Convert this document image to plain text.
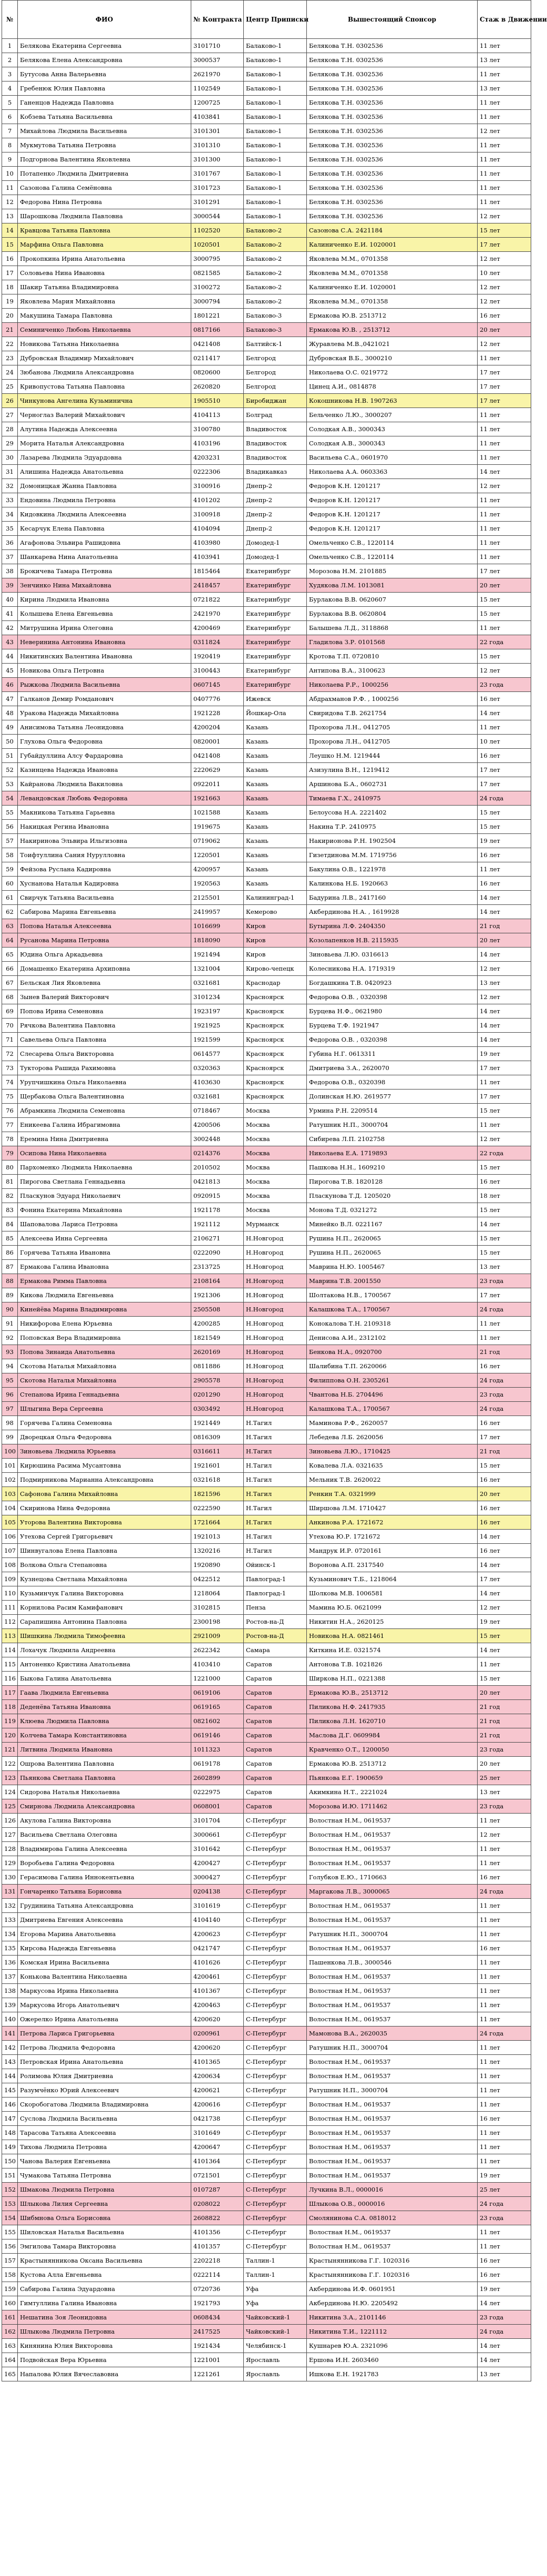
№	ФИО	№ Контракта	Центр Приписки	Вышестоящий Спонсор	Стаж в Движении
1	Белякова Екатерина Сергеевна	3101710	Балаково-1	Белякова Т.Н. 0302536	11 лет
2	Белякова Елена Александровна	3000537	Балаково-1	Белякова Т.Н. 0302536	13 лет
3	Бутусова Анна Валерьевна	2621970	Балаково-1	Белякова Т.Н. 0302536	11 лет
4	Гребенюк Юлия Павловна	1102549	Балаково-1	Белякова Т.Н. 0302536	13 лет
5	Ганенцов Надежда Павловна	1200725	Балаково-1	Белякова Т.Н. 0302536	11 лет
6	Кобзева Татьяна Васильевна	4103841	Балаково-1	Белякова Т.Н. 0302536	11 лет
7	Михайлова Людмила Васильевна	3101301	Балаково-1	Белякова Т.Н. 0302536	12 лет
8	Мукмутова Татьяна Петровна	3101310	Балаково-1	Белякова Т.Н. 0302536	11 лет
9	Подгорнова Валентина Яковлевна	3101300	Балаково-1	Белякова Т.Н. 0302536	11 лет
10	Потапенко Людмила Дмитриевна	3101767	Балаково-1	Белякова Т.Н. 0302536	11 лет
11	Сазонова Галина Семёновна	3101723	Балаково-1	Белякова Т.Н. 0302536	11 лет
12	Федорова Нина Петровна	3101291	Балаково-1	Белякова Т.Н. 0302536	11 лет
13	Шарошкова Людмила Павловна	3000544	Балаково-1	Белякова Т.Н. 0302536	12 лет
14	Кравцова Татьяна Павловна	1102520	Балаково-2	Сазонова С.А. 2421184	15 лет
15	Марфина Ольга Павловна	1020501	Балаково-2	Калиниченко Е.И. 1020001	17 лет
16	Прокопкина Ирина Анатольевна	3000795	Балаково-2	Яковлева М.М., 0701358	12 лет
17	Соловьева Нина Ивановна	0821585	Балаково-2	Яковлева М.М., 0701358	10 лет
18	Шакир Татьяна Владимировна	3100272	Балаково-2	Калиниченко Е.И. 1020001	12 лет
19	Яковлева Мария Михайловна	3000794	Балаково-2	Яковлева М.М., 0701358	12 лет
20	Макушина Тамара Павловна	1801221	Балаково-3	Ермакова Ю.В. 2513712	16 лет
21	Семиниченко Любовь Николаевна	0817166	Балаково-3	Ермакова Ю.В. , 2513712	20 лет
22	Новикова Татьяна Николаевна	0421408	Балтийск-1	Журавлева М.В.,0421021	12 лет
23	Дубровская Владимир Михайлович	0211417	Белгород	Дубровская В.Б., 3000210	11 лет
24	Зюбанова Людмила Александровна	0820600	Белгород	Николаева О.С. 0219772	17 лет
25	Кривопустова Татьяна Павловна	2620820	Белгород	Цинец А.И., 0814878	17 лет
26	Чинкунова Ангелина Кузьминична	1905510	Биробиджан	Кокошникова Н.В. 1907263	17 лет
27	Черноглаз Валерий Михайлович	4104113	Болград	Бельченко Л.Ю., 3000207	11 лет
28	Алутина Надежда Алексеевна	3100780	Владивосток	Солодкая А.В., 3000343	11 лет
29	Морита Наталья Александровна	4103196	Владивосток	Солодкая А.В., 3000343	11 лет
30	Лазарева Людмила Эдуардовна	4203231	Владивосток	Васильева С.А., 0601970	11 лет
31	Алишина Надежда Анатольевна	0222306	Владикавказ	Николаева А.А. 0603363	14 лет
32	Домоницкая Жанна Павловна	3100916	Днепр-2	Федоров К.Н. 1201217	12 лет
33	Ендовина Людмила Петровна	4101202	Днепр-2	Федоров К.Н. 1201217	11 лет
34	Кидовкина Людмила Алексеевна	3100918	Днепр-2	Федоров К.Н. 1201217	11 лет
35	Кесарчук Елена Павловна	4104094	Днепр-2	Федоров К.Н. 1201217	11 лет
36	Агафонова Эльвира Рашидовна	4103980	Домодед-1	Омельченко С.В., 1220114	11 лет
37	Шанкарева Нина Анатольевна	4103941	Домодед-1	Омельченко С.В., 1220114	11 лет
38	Брокичева Тамара Петровна	1815464	Екатеринбург	Морозова Н.М. 2101885	17 лет
39	Зенчинко Нина Михайловна	2418457	Екатеринбург	Худякова Л.М. 1013081	20 лет
40	Кирина Людмила Ивановна	0721822	Екатеринбург	Бурлакова В.В. 0620607	15 лет
41	Колышева Елена Евгеньевна	2421970	Екатеринбург	Бурлакова В.В. 0620804	15 лет
42	Митрушина Ирина Олеговна	4200469	Екатеринбург	Балышева Л.Д., 3118868	11 лет
43	Неверинина Антонина Ивановна	0311824	Екатеринбург	Гладилова З.Р. 0101568	22 года
44	Никитинских Валентина Ивановна	1920419	Екатеринбург	Кротова Т.П. 0720810	15 лет
45	Новикова Ольга Петровна	3100443	Екатеринбург	Антипова В.А., 3100623	12 лет
46	Рыжкова Людмила Васильевна	0607145	Екатеринбург	Николаева Р.Р., 1000256	23 года
47	Галканов Демир Ромданович	0407776	Ижевск	Абдрахманов Р.Ф. , 1000256	16 лет
48	Уракова Надежда Михайловна	1921228	Йошкар-Ола	Свиридова Т.В. 2621754	14 лет
49	Анисимова Татьяна Леонидовна	4200204	Казань	Прохорова Л.Н., 0412705	11 лет
50	Глухова Ольга Федоровна	0820001	Казань	Прохорова Л.Н., 0412705	10 лет
51	Губайдуллина Алсу Фардаровна	0421408	Казань	Леушко Н.М. 1219444	16 лет
52	Казинцева Надежда Ивановна	2220629	Казань	Азизулина В.Н., 1219412	17 лет
53	Кайранова Людмила Вакиловна	0922011	Казань	Аршинова Б.А., 0602731	17 лет
54	Левандовская Любовь Федоровна	1921663	Казань	Тимаева Г.Х., 2410975	24 года
55	Макникова Татьяна Гарьевна	1021588	Казань	Белоусова Н.А. 2221402	15 лет
56	Накицкая Регина Ивановна	1919675	Казань	Накина Т.Р. 2410975	15 лет
57	Накиринова Эльвира Ильгизовна	0719062	Казань	Накирионова Р.Н. 1902504	19 лет
58	Тоифтуллина Сания Нурулловна	1220501	Казань	Гизетдинова М.М. 1719756	16 лет
59	Фейзова Руслана Кадировна	4200957	Казань	Бакулина О.В., 1221978	11 лет
60	Хуснанова Наталья Кадировна	1920563	Казань	Калинкова Н.Б. 1920663	16 лет
61	Свирчук Татьяна Васильевна	2125501	Калининград-1	Бадурина Л.В., 2417160	14 лет
62	Сабирова Марина Евгеньевна	2419957	Кемерово	Акбердинова Н.А. , 1619928	14 лет
63	Попова Наталья Алексеевна	1016699	Киров	Бутырина Л.Ф. 2404350	21 год
64	Русанова Марина Петровна	1818090	Киров	Козолапенков Н.В. 2115935	20 лет
65	Юдина Ольга Аркадьевна	1921494	Киров	Зиновьева Л.Ю. 0316613	14 лет
66	Домашенко Екатерина Архиповна	1321004	Кирово-чепецк	Колесникова Н.А. 1719319	12 лет
67	Бельская Лия Яковлевна	0321681	Краснодар	Богдашкина Т.В. 0420923	13 лет
68	Зынев Валерий Викторович	3101234	Красноярск	Федорова О.В. , 0320398	12 лет
69	Попова Ирина Семеновна	1923197	Красноярск	Бурцева Н.Ф., 0621980	14 лет
70	Рячкова Валентина Павловна	1921925	Красноярск	Бурцева Т.Ф. 1921947	14 лет
71	Савельева Ольга Павловна	1921599	Красноярск	Федорова О.В. , 0320398	14 лет
72	Слесарева Ольга Викторовна	0614577	Красноярск	Губина Н.Г. 0613311	19 лет
73	Тукторова Рашида Рахимовна	0320363	Красноярск	Дмитриева З.А., 2620070	17 лет
74	Урупчишкина Ольга Николаевна	4103630	Красноярск	Федорова О.В., 0320398	11 лет
75	Щербакова Ольга Валентиновна	0321681	Красноярск	Долинская Н.Ю. 2619577	17 лет
76	Абрамкина Людмила Семеновна	0718467	Москва	Урмина Р.Н. 2209514	15 лет
77	Еникеева Галина Ибрагимовна	4200506	Москва	Ратушник Н.П., 3000704	11 лет
78	Еремина Нина Дмитриевна	3002448	Москва	Сибирева Л.П. 2102758	12 лет
79	Осипова Нина Николаевна	0214376	Москва	Николаева Е.А. 1719893	22 года
80	Пархоменко Людмила Николаевна	2010502	Москва	Пашкова Н.Н., 1609210	15 лет
81	Пирогова Светлана Геннадьевна	0421813	Москва	Пирогова Т.В. 1820128	16 лет
82	Пласкунов Эдуард Николаевич	0920915	Москва	Пласкунова Т.Д. 1205020	18 лет
83	Фонина Екатерина Михайловна	1921178	Москва	Монова Т.Д. 0321272	15 лет
84	Шаповалова Лариса Петровна	1921112	Мурманск	Минейко В.Л. 0221167	14 лет
85	Алексеева Инна Сергеевна	2106271	Н.Новгород	Рушина Н.П., 2620065	15 лет
86	Горячева Татьяна Ивановна	0222090	Н.Новгород	Рушина Н.П., 2620065	15 лет
87	Ермакова Галина Ивановна	2313725	Н.Новгород	Маврина Н.Ю. 1005467	13 лет
88	Ермакова Римма Павловна	2108164	Н.Новгород	Маврина Т.В. 2001550	23 года
89	Кикова Людмила Евгеньевна	1921306	Н.Новгород	Шолтакова Н.В., 1700567	17 лет
90	Кинейёва Марина Владимировна	2505508	Н.Новгород	Калашкова Т.А., 1700567	24 года
91	Никифорова Елена Юрьевна	4200285	Н.Новгород	Конокалова Т.Н. 2109318	11 лет
92	Поповская Вера Владимировна	1821549	Н.Новгород	Денисова А.И., 2312102	11 лет
93	Попова Зинаида Анатольевна	2620169	Н.Новгород	Бенкова Н.А., 0920700	21 год
94	Скотова Наталья Михайловна	0811886	Н.Новгород	Шалибина Т.П. 2620066	16 лет
95	Скотова Наталья Михайловна	2905578	Н.Новгород	Филиппова О.Н. 2305261	24 года
96	Степанова Ирина Геннадьевна	0201290	Н.Новгород	Чвантова Н.Б. 2704496	23 года
97	Шлыгина Вера Сергеевна	0303492	Н.Новгород	Калашкова Т.А., 1700567	24 года
98	Горячева Галина Семеновна	1921449	Н.Тагил	Маминова Р.Ф., 2620057	16 лет
99	Дворецкая Ольга Федоровна	0816309	Н.Тагил	Лебедева Л.Б. 2620056	17 лет
100	Зиновьева Людмила Юрьевна	0316611	Н.Тагил	Зиновьева Л.Ю., 1710425	21 год
101	Кирюшина Расима Мусантовна	1921601	Н.Тагил	Ковалева Л.А. 0321635	15 лет
102	Подмирникова Марианна Александровна	0321618	Н.Тагил	Мельник Т.В. 2620022	16 лет
103	Сафонова Галина Михайловна	1821596	Н.Тагил	Ренкин Т.А. 0321999	20 лет
104	Скиринова Нина Федоровна	0222590	Н.Тагил	Ширшова Л.М. 1710427	16 лет
105	Уторова Валентина Викторовна	1721664	Н.Тагил	Анкинова Р.А. 1721672	16 лет
106	Утехова Сергей Григорьевич	1921013	Н.Тагил	Утехова Ю.Р. 1721672	14 лет
107	Шинвугалова Елена Павловна	1320216	Н.Тагил	Мандрук И.Р. 0720161	16 лет
108	Волкова Ольга Степановна	1920890	Ойинск-1	Воронова А.П. 2317540	14 лет
109	Кузнецова Светлана Михайловна	0422512	Павлоград-1	Кузьминович Т.Б., 1218064	17 лет
110	Кузьминчук Галина Викторовна	1218064	Павлоград-1	Шолкова М.В. 1006581	14 лет
111	Корнилова Расим Камифанович	3102815	Пенза	Мамина Ю.Б. 0621099	12 лет
112	Сарапишина Антонина Павловна	2300198	Ростов-на-Д	Никитин Н.А., 2620125	19 лет
113	Шишкина Людмила Тимофеевна	2921009	Ростов-на-Д	Новикова Н.А. 0821461	15 лет
114	Лохачук Людмила Андреевна	2622342	Самара	Киткина И.Е. 0321574	14 лет
115	Антоненко Кристина Анатольевна	4103410	Саратов	Антонова Т.В. 1021826	11 лет
116	Быкова Галина Анатольевна	1221000	Саратов	Ширкова Н.П., 0221388	15 лет
117	Гаава Людмила Евгеньевна	0619106	Саратов	Ермакова Ю.В., 2513712	20 лет
118	Деденёва Татьяна Ивановна	0619165	Саратов	Пиликова Н.Ф. 2417935	21 год
119	Клюева Людмила Павловна	0821602	Саратов	Пиликова Л.Н. 1620710	21 год
120	Колчева Тамара Константиновна	0619146	Саратов	Маслова Д.Г. 0609984	21 год
121	Литвина Людмила Ивановна	1011323	Саратов	Кравченко О.Т., 1200050	23 года
122	Ошрова Валентина Павловна	0619178	Саратов	Ермакова Ю.В. 2513712	20 лет
123	Пьянкова Светлана Павловна	2602899	Саратов	Пьянкова Е.Г. 1900659	25 лет
124	Сидорова Наталья Николаевна	0222975	Саратов	Акимкина Н.Т., 2221024	13 лет
125	Смирнова Людмила Александровна	0608001	Саратов	Морозова И.Ю. 1711462	23 года
126	Акулова Галина Викторовна	3101704	С-Петербург	Волостная Н.М., 0619537	11 лет
127	Васильева Светлана Олеговна	3000661	С-Петербург	Волостная Н.М., 0619537	12 лет
128	Владимирова Галина Алексеевна	3101642	С-Петербург	Волостная Н.М., 0619537	11 лет
129	Воробьева Галина Федоровна	4200427	С-Петербург	Волостная Н.М., 0619537	11 лет
130	Герасимова Галина Иннокентьевна	3000427	С-Петербург	Голубков Е.Ю., 1710663	16 лет
131	Гончаренко Татьяна Борисовна	0204138	С-Петербург	Маргакова Л.В., 3000065	24 года
132	Грудинина Татьяна Александровна	3101619	С-Петербург	Волостная Н.М., 0619537	11 лет
133	Дмитриева Евгения Алексеевна	4104140	С-Петербург	Волостная Н.М., 0619537	11 лет
134	Егорова Марина Анатольевна	4200623	С-Петербург	Ратушник Н.П., 3000704	11 лет
135	Кирсова Надежда Евгеньевна	0421747	С-Петербург	Волостная Н.М., 0619537	16 лет
136	Комская Ирина Васильевна	4101626	С-Петербург	Пашенкова Л.В., 3000546	11 лет
137	Конькова Валентина Николаевна	4200461	С-Петербург	Волостная Н.М., 0619537	11 лет
138	Маркусова Ирина Николаевна	4101367	С-Петербург	Волостная Н.М., 0619537	11 лет
139	Маркусова Игорь Анатольевич	4200463	С-Петербург	Волостная Н.М., 0619537	11 лет
140	Ожерелко Ирина Анатольевна	4200620	С-Петербург	Волостная Н.М., 0619537	11 лет
141	Петрова Лариса Григорьевна	0200961	С-Петербург	Мамонова В.А., 2620035	24 года
142	Петрова Людмила Федоровна	4200620	С-Петербург	Ратушник Н.П., 3000704	11 лет
143	Петровская Ирина Анатольевна	4101365	С-Петербург	Волостная Н.М., 0619537	11 лет
144	Ролимова Юлия Дмитриевна	4200634	С-Петербург	Волостная Н.М., 0619537	11 лет
145	Разумчёнко Юрий Алексеевич	4200621	С-Петербург	Ратушник Н.П., 3000704	11 лет
146	Скоробогатова Людмила Владимировна	4200616	С-Петербург	Волостная Н.М., 0619537	11 лет
147	Суслова Людмила Васильевна	0421738	С-Петербург	Волостная Н.М., 0619537	16 лет
148	Тарасова Татьяна Алексеевна	3101649	С-Петербург	Волостная Н.М., 0619537	11 лет
149	Тихова Людмила Петровна	4200647	С-Петербург	Волостная Н.М., 0619537	11 лет
150	Чанова Валерия Евгеньевна	4101364	С-Петербург	Волостная Н.М., 0619537	11 лет
151	Чумакова Татьяна Петровна	0721501	С-Петербург	Волостная Н.М., 0619537	19 лет
152	Шмакова Людмила Петровна	0107287	С-Петербург	Лучкина В.Л., 0000016	25 лет
153	Шлыкова Лилия Сергеевна	0208022	С-Петербург	Шлыкова О.В., 0000016	24 года
154	Шибмнова Ольга Борисовна	2608822	С-Петербург	Смолянинова С.А. 0818012	23 года
155	Шиловская Наталья Васильевна	4101356	С-Петербург	Волостная Н.М., 0619537	11 лет
156	Эмгилова Тамара Викторовна	4101357	С-Петербург	Волостная Н.М., 0619537	11 лет
157	Крастынянникова Оксана Васильевна	2202218	Таллин-1	Крастынянникова Г.Г. 1020316	16 лет
158	Кустова Алла Евгеньевна	0222114	Таллин-1	Крастынянникова Г.Г. 1020316	16 лет
159	Сабирова Галина Эдуардовна	0720736	Уфа	Акбердинова И.Ф. 0601951	19 лет
160	Гимтуллина Галина Ивановна	1921793	Уфа	Акбердинова Н.Ю. 2205492	14 лет
161	Нешатина Зоя Леонидовна	0608434	Чайковский-1	Никитина З.А., 2101146	23 года
162	Шлыкова Людмила Петровна	2417525	Чайковский-1	Никитина Т.И., 1221112	24 года
163	Кинянина Юлия Викторовна	1921434	Челябинск-1	Кушнарев Ю.А. 2321096	14 лет
164	Подвойская Вера Юрьевна	1221001	Ярославль	Ершова И.Н. 2603460	14 лет
165	Напалова Юлия Вячеславовна	1221261	Ярославль	Ишкова Е.Н. 1921783	13 лет
